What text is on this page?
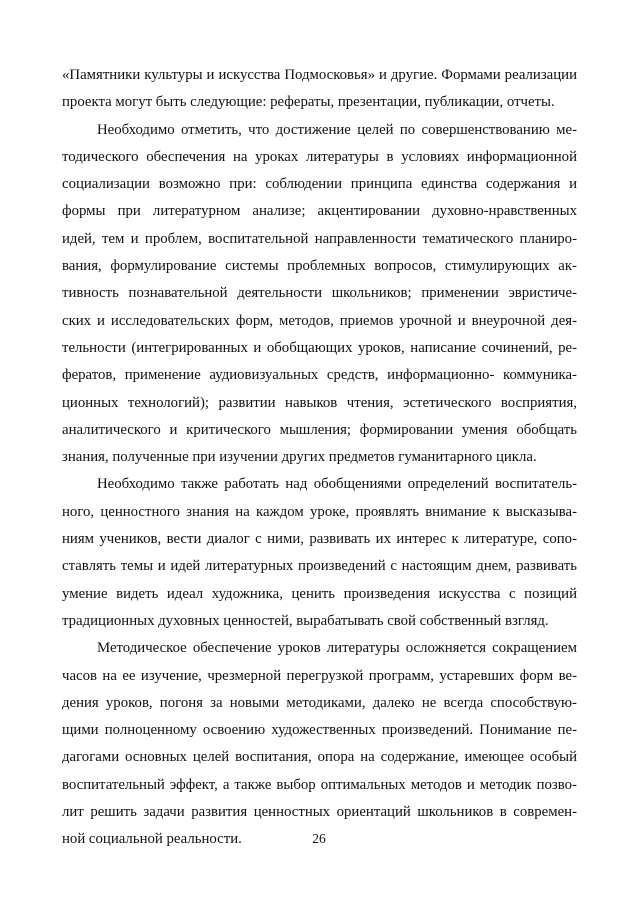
«Памятники культуры и искусства Подмосковья» и другие. Формами реализации
проекта могут быть следующие: рефераты, презентации, публикации, отчеты.
Необходимо отметить, что достижение целей по совершенствованию ме-
тодического обеспечения на уроках литературы в условиях информационной
социализации возможно при: соблюдении принципа единства содержания и
формы при литературном анализе; акцентировании духовно-нравственных
идей, тем и проблем, воспитательной направленности тематического планиро-
вания, формулирование системы проблемных вопросов, стимулирующих ак-
тивность познавательной деятельности школьников; применении эвристиче-
ских и исследовательских форм, методов, приемов урочной и внеурочной дея-
тельности (интегрированных и обобщающих уроков, написание сочинений, ре-
фератов, применение аудиовизуальных средств, информационно- коммуника-
ционных технологий); развитии навыков чтения, эстетического восприятия,
аналитического и критического мышления; формировании умения обобщать
знания, полученные при изучении других предметов гуманитарного цикла.
Необходимо также работать над обобщениями определений воспитатель-
ного, ценностного знания на каждом уроке, проявлять внимание к высказыва-
ниям учеников, вести диалог с ними, развивать их интерес к литературе, сопо-
ставлять темы и идей литературных произведений с настоящим днем, развивать
умение видеть идеал художника, ценить произведения искусства с позиций
традиционных духовных ценностей, вырабатывать свой собственный взгляд.
Методическое обеспечение уроков литературы осложняется сокращением
часов на ее изучение, чрезмерной перегрузкой программ, устаревших форм ве-
дения уроков, погоня за новыми методиками, далеко не всегда способствую-
щими полноценному освоению художественных произведений. Понимание пе-
дагогами основных целей воспитания, опора на содержание, имеющее особый
воспитательный эффект, а также выбор оптимальных методов и методик позво-
лит решить задачи развития ценностных ориентаций школьников в современ-
ной социальной реальности.	26
